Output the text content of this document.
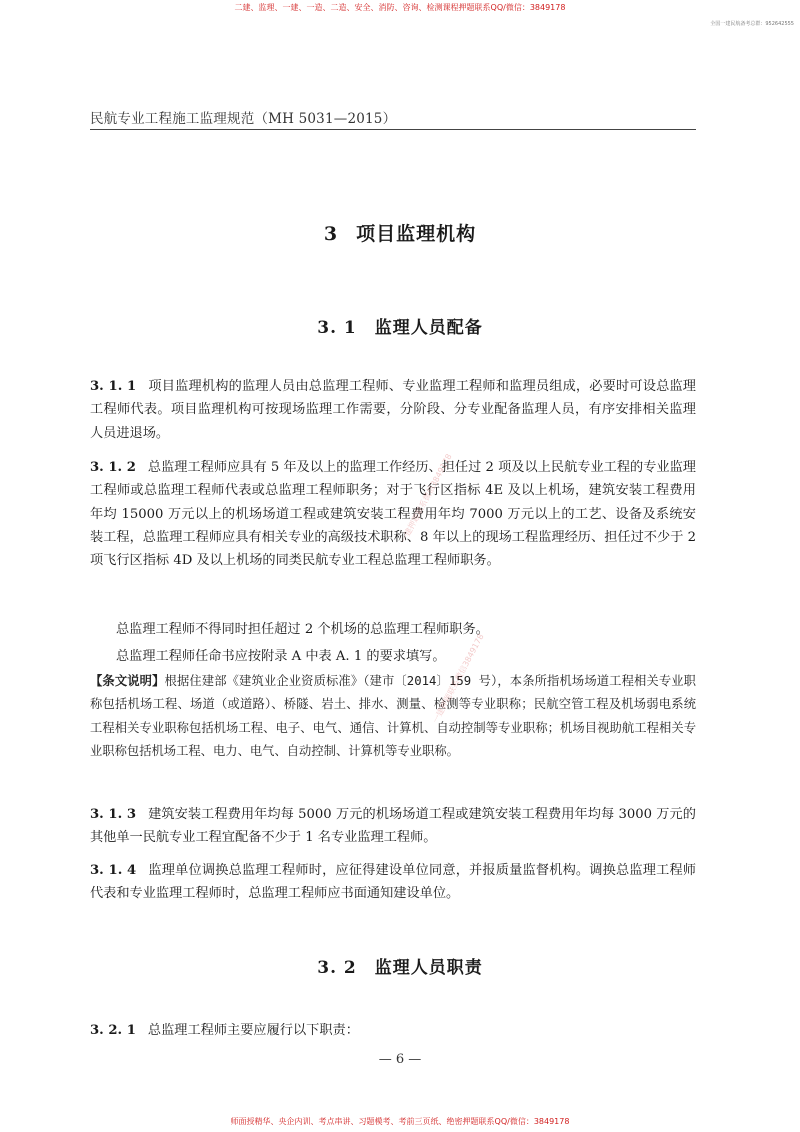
二建、监理、一建、一造、二造、安全、消防、咨询、检测课程押题联系QQ/微信：3849178
全国一建民航备考总群：952642555
民航专业工程施工监理规范（MH 5031—2015）
3 项目监理机构
3. 1 监理人员配备
3. 1. 1 项目监理机构的监理人员由总监理工程师、专业监理工程师和监理员组成，必要时可设总监理工程师代表。项目监理机构可按现场监理工作需要，分阶段、分专业配备监理人员，有序安排相关监理人员进退场。
3. 1. 2 总监理工程师应具有 5 年及以上的监理工作经历、担任过 2 项及以上民航专业工程的专业监理工程师或总监理工程师代表或总监理工程师职务；对于飞行区指标 4E 及以上机场，建筑安装工程费用年均 15000 万元以上的机场场道工程或建筑安装工程费用年均 7000 万元以上的工艺、设备及系统安装工程，总监理工程师应具有相关专业的高级技术职称、8 年以上的现场工程监理经历、担任过不少于 2 项飞行区指标 4D 及以上机场的同类民航专业工程总监理工程师职务。
总监理工程师不得同时担任超过 2 个机场的总监理工程师职务。
总监理工程师任命书应按附录 A 中表 A. 1 的要求填写。
【条文说明】根据住建部《建筑业企业资质标准》（建市〔2014〕159 号），本条所指机场场道工程相关专业职称包括机场工程、场道（或道路）、桥隧、岩土、排水、测量、检测等专业职称；民航空管工程及机场弱电系统工程相关专业职称包括机场工程、电子、电气、通信、计算机、自动控制等专业职称；机场目视助航工程相关专业职称包括机场工程、电力、电气、自动控制、计算机等专业职称。
3. 1. 3 建筑安装工程费用年均每 5000 万元的机场场道工程或建筑安装工程费用年均每 3000 万元的其他单一民航专业工程宜配备不少于 1 名专业监理工程师。
3. 1. 4 监理单位调换总监理工程师时，应征得建设单位同意，并报质量监督机构。调换总监理工程师代表和专业监理工程师时，总监理工程师应书面通知建设单位。
3. 2 监理人员职责
3. 2. 1 总监理工程师主要应履行以下职责：
— 6 —
师面授精华、央企内训、考点串讲、习题模考、考前三页纸、绝密押题联系QQ/微信：3849178
一建押题联系微信3849178
一建押题联系微信3849178
